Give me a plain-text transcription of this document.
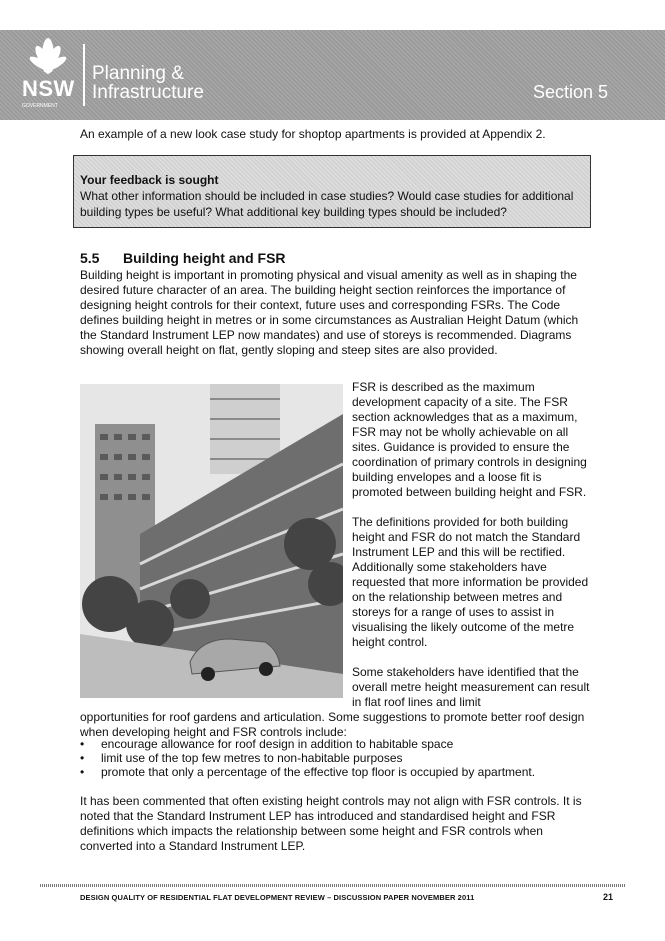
NSW
GOVERNMENT
Planning &
Infrastructure	Section 5
An example of a new look case study for shoptop apartments is provided at Appendix 2.
Your feedback is sought
What other information should be included in case studies? Would case studies for additional building types be useful? What additional key building types should be included?
5.5 Building height and FSR

Building height is important in promoting physical and visual amenity as well as in shaping the desired future character of an area. The building height section reinforces the importance of designing height controls for their context, future uses and corresponding FSRs. The Code defines building height in metres or in some circumstances as Australian Height Datum (which the Standard Instrument LEP now mandates) and use of storeys is recommended. Diagrams showing overall height on flat, gently sloping and steep sites are also provided.

FSR is described as the maximum development capacity of a site. The FSR section acknowledges that as a maximum, FSR may not be wholly achievable on all sites. Guidance is provided to ensure the coordination of primary controls in designing building envelopes and a loose fit is promoted between building height and FSR.

The definitions provided for both building height and FSR do not match the Standard Instrument LEP and this will be rectified. Additionally some stakeholders have requested that more information be provided on the relationship between metres and storeys for a range of uses to assist in visualising the likely outcome of the metre height control.

Some stakeholders have identified that the overall metre height measurement can result in flat roof lines and limit

opportunities for roof gardens and articulation. Some suggestions to promote better roof design when developing height and FSR controls include:

• encourage allowance for roof design in addition to habitable space
• limit use of the top few metres to non-habitable purposes
• promote that only a percentage of the effective top floor is occupied by apartment.

It has been commented that often existing height controls may not align with FSR controls. It is noted that the Standard Instrument LEP has introduced and standardised height and FSR definitions which impacts the relationship between some height and FSR controls when converted into a Standard Instrument LEP.

DESIGN QUALITY OF RESIDENTIAL FLAT DEVELOPMENT REVIEW – DISCUSSION PAPER NOVEMBER 2011	21
